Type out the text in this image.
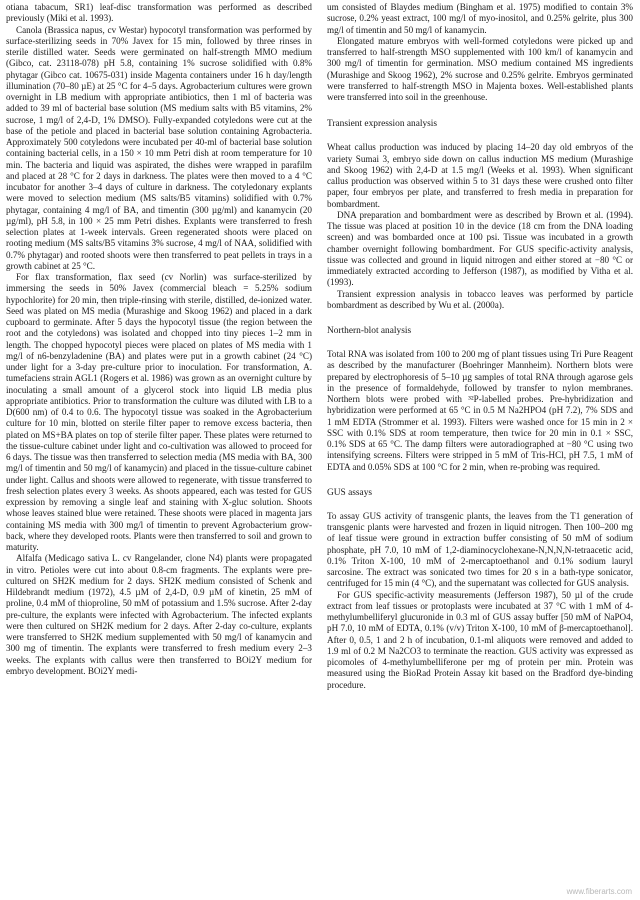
otiana tabacum, SR1) leaf-disc transformation was performed as described previously (Miki et al. 1993).

Canola (Brassica napus, cv Westar) hypocotyl transformation was performed by surface-sterilizing seeds in 70% Javex for 15 min, followed by three rinses in sterile distilled water. Seeds were germinated on half-strength MMO medium (Gibco, cat. 23118-078) pH 5.8, containing 1% sucrose solidified with 0.8% phytagar (Gibco cat. 10675-031) inside Magenta containers under 16 h day/length illumination (70–80 µE) at 25 °C for 4–5 days. Agrobacterium cultures were grown overnight in LB medium with appropriate antibiotics, then 1 ml of bacteria was added to 39 ml of bacterial base solution (MS medium salts with B5 vitamins, 2% sucrose, 1 mg/l of 2,4-D, 1% DMSO). Fully-expanded cotyledons were cut at the base of the petiole and placed in bacterial base solution containing Agrobacteria. Approximately 500 cotyledons were incubated per 40-ml of bacterial base solution containing bacterial cells, in a 150 × 10 mm Petri dish at room temperature for 10 min. The bacteria and liquid was aspirated, the dishes were wrapped in parafilm and placed at 28 °C for 2 days in darkness. The plates were then moved to a 4 °C incubator for another 3–4 days of culture in darkness. The cotyledonary explants were moved to selection medium (MS salts/B5 vitamins) solidified with 0.7% phytagar, containing 4 mg/l of BA, and timentin (300 µg/ml) and kanamycin (20 µg/ml), pH 5.8, in 100 × 25 mm Petri dishes. Explants were transferred to fresh selection plates at 1-week intervals. Green regenerated shoots were placed on rooting medium (MS salts/B5 vitamins 3% sucrose, 4 mg/l of NAA, solidified with 0.7% phytagar) and rooted shoots were then transferred to peat pellets in trays in a growth cabinet at 25 °C.

For flax transformation, flax seed (cv Norlin) was surface-sterilized by immersing the seeds in 50% Javex (commercial bleach = 5.25% sodium hypochlorite) for 20 min, then triple-rinsing with sterile, distilled, de-ionized water. Seed was plated on MS media (Murashige and Skoog 1962) and placed in a dark cupboard to germinate. After 5 days the hypocotyl tissue (the region between the root and the cotyledons) was isolated and chopped into tiny pieces 1–2 mm in length. The chopped hypocotyl pieces were placed on plates of MS media with 1 mg/l of n6-benzyladenine (BA) and plates were put in a growth cabinet (24 °C) under light for a 3-day pre-culture prior to inoculation. For transformation, A. tumefaciens strain AGL1 (Rogers et al. 1986) was grown as an overnight culture by inoculating a small amount of a glycerol stock into liquid LB media plus appropriate antibiotics. Prior to transformation the culture was diluted with LB to a D(600 nm) of 0.4 to 0.6. The hypocotyl tissue was soaked in the Agrobacterium culture for 10 min, blotted on sterile filter paper to remove excess bacteria, then plated on MS+BA plates on top of sterile filter paper. These plates were returned to the tissue-culture cabinet under light and co-cultivation was allowed to proceed for 6 days. The tissue was then transferred to selection media (MS media with BA, 300 mg/l of timentin and 50 mg/l of kanamycin) and placed in the tissue-culture cabinet under light. Callus and shoots were allowed to regenerate, with tissue transferred to fresh selection plates every 3 weeks. As shoots appeared, each was tested for GUS expression by removing a single leaf and staining with X-gluc solution. Shoots whose leaves stained blue were retained. These shoots were placed in magenta jars containing MS media with 300 mg/l of timentin to prevent Agrobacterium grow-back, where they developed roots. Plants were then transferred to soil and grown to maturity.

Alfalfa (Medicago sativa L. cv Rangelander, clone N4) plants were propagated in vitro. Petioles were cut into about 0.8-cm fragments. The explants were pre-cultured on SH2K medium for 2 days. SH2K medium consisted of Schenk and Hildebrandt medium (1972), 4.5 µM of 2,4-D, 0.9 µM of kinetin, 25 mM of proline, 0.4 mM of thioproline, 50 mM of potassium and 1.5% sucrose. After 2-day pre-culture, the explants were infected with Agrobacterium. The infected explants were then cultured on SH2K medium for 2 days. After 2-day co-culture, explants were transferred to SH2K medium supplemented with 50 mg/l of kanamycin and 300 mg of timentin. The explants were transferred to fresh medium every 2–3 weeks. The explants with callus were then transferred to BOi2Y medium for embryo development. BOi2Y medi-

um consisted of Blaydes medium (Bingham et al. 1975) modified to contain 3% sucrose, 0.2% yeast extract, 100 mg/l of myo-inositol, and 0.25% gelrite, plus 300 mg/l of timentin and 50 mg/l of kanamycin.

Elongated mature embryos with well-formed cotyledons were picked up and transferred to half-strength MSO supplemented with 100 km/l of kanamycin and 300 mg/l of timentin for germination. MSO medium contained MS ingredients (Murashige and Skoog 1962), 2% sucrose and 0.25% gelrite. Embryos germinated were transferred to half-strength MSO in Majenta boxes. Well-established plants were transferred into soil in the greenhouse.

Transient expression analysis

Wheat callus production was induced by placing 14–20 day old embryos of the variety Sumai 3, embryo side down on callus induction MS medium (Murashige and Skoog 1962) with 2,4-D at 1.5 mg/l (Weeks et al. 1993). When significant callus production was observed within 5 to 31 days these were crushed onto filter paper, four embryos per plate, and transferred to fresh media in preparation for bombardment.

DNA preparation and bombardment were as described by Brown et al. (1994). The tissue was placed at position 10 in the device (18 cm from the DNA loading screen) and was bombarded once at 100 psi. Tissue was incubated in a growth chamber overnight following bombardment. For GUS specific-activity analysis, tissue was collected and ground in liquid nitrogen and either stored at −80 °C or immediately extracted according to Jefferson (1987), as modified by Vitha et al. (1993).

Transient expression analysis in tobacco leaves was performed by particle bombardment as described by Wu et al. (2000a).

Northern-blot analysis

Total RNA was isolated from 100 to 200 mg of plant tissues using Tri Pure Reagent as described by the manufacturer (Boehringer Mannheim). Northern blots were prepared by electrophoresis of 5–10 µg samples of total RNA through agarose gels in the presence of formaldehyde, followed by transfer to nylon membranes. Northern blots were probed with ³²P-labelled probes. Pre-hybridization and hybridization were performed at 65 °C in 0.5 M Na2HPO4 (pH 7.2), 7% SDS and 1 mM EDTA (Strommer et al. 1993). Filters were washed once for 15 min in 2 × SSC with 0.1% SDS at room temperature, then twice for 20 min in 0.1 × SSC, 0.1% SDS at 65 °C. The damp filters were autoradiographed at −80 °C using two intensifying screens. Filters were stripped in 5 mM of Tris-HCl, pH 7.5, 1 mM of EDTA and 0.05% SDS at 100 °C for 2 min, when re-probing was required.

GUS assays

To assay GUS activity of transgenic plants, the leaves from the T1 generation of transgenic plants were harvested and frozen in liquid nitrogen. Then 100–200 mg of leaf tissue were ground in extraction buffer consisting of 50 mM of sodium phosphate, pH 7.0, 10 mM of 1,2-diaminocyclohexane-N,N,N,N-tetraacetic acid, 0.1% Triton X-100, 10 mM of 2-mercaptoethanol and 0.1% sodium lauryl sarcosine. The extract was sonicated two times for 20 s in a bath-type sonicator, centrifuged for 15 min (4 °C), and the supernatant was collected for GUS analysis.

For GUS specific-activity measurements (Jefferson 1987), 50 µl of the crude extract from leaf tissues or protoplasts were incubated at 37 °C with 1 mM of 4-methylumbelliferyl glucuronide in 0.3 ml of GUS assay buffer [50 mM of NaPO4, pH 7.0, 10 mM of EDTA, 0.1% (v/v) Triton X-100, 10 mM of β-mercaptoethanol]. After 0, 0.5, 1 and 2 h of incubation, 0.1-ml aliquots were removed and added to 1.9 ml of 0.2 M Na2CO3 to terminate the reaction. GUS activity was expressed as picomoles of 4-methylumbelliferone per mg of protein per min. Protein was measured using the BioRad Protein Assay kit based on the Bradford dye-binding procedure.

www.fiberarts.com
